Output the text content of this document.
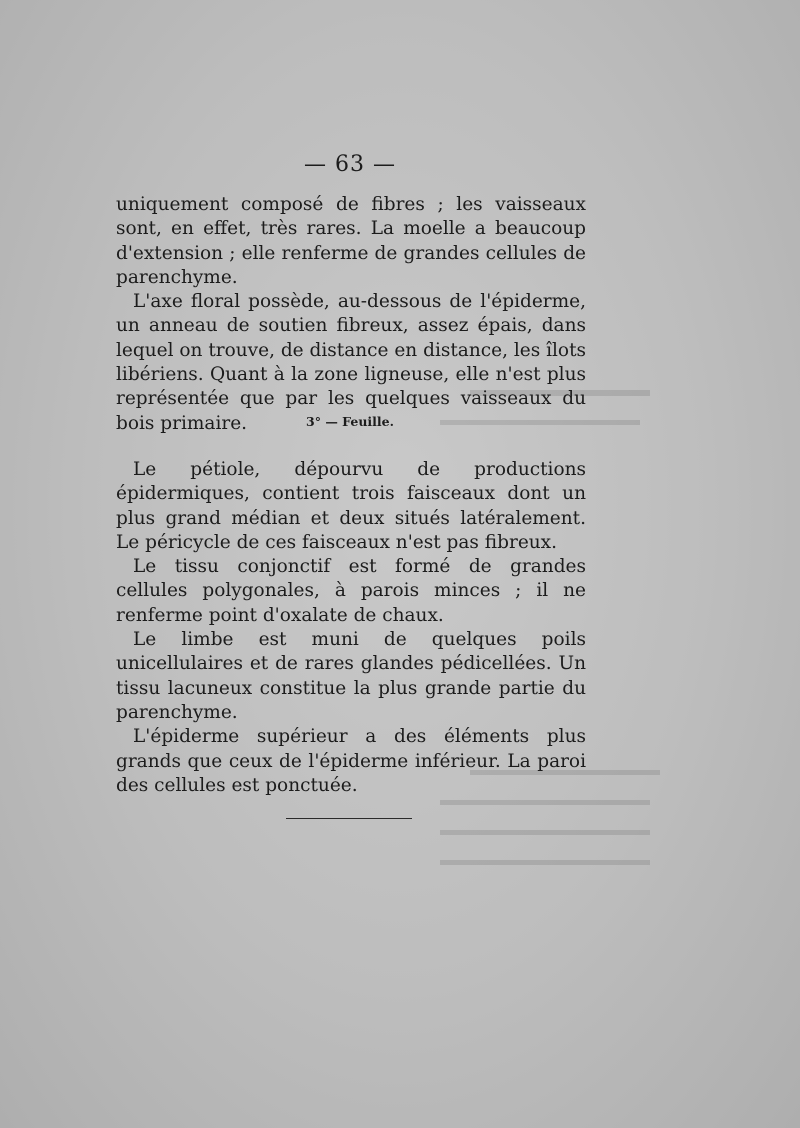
— 63 —

uniquement composé de fibres ; les vaisseaux sont, en effet, très rares. La moelle a beaucoup d'extension ; elle renferme de grandes cellules de parenchyme.

L'axe floral possède, au-dessous de l'épiderme, un anneau de soutien fibreux, assez épais, dans lequel on trouve, de distance en distance, les îlots libériens. Quant à la zone ligneuse, elle n'est plus représentée que par les quelques vaisseaux du bois primaire.	3° — Feuille.

Le pétiole, dépourvu de productions épidermiques, contient trois faisceaux dont un plus grand médian et deux situés latéralement. Le péricycle de ces faisceaux n'est pas fibreux.

Le tissu conjonctif est formé de grandes cellules polygonales, à parois minces ; il ne renferme point d'oxalate de chaux.

Le limbe est muni de quelques poils unicellulaires et de rares glandes pédicellées. Un tissu lacuneux constitue la plus grande partie du parenchyme.

L'épiderme supérieur a des éléments plus grands que ceux de l'épiderme inférieur. La paroi des cellules est ponctuée.
